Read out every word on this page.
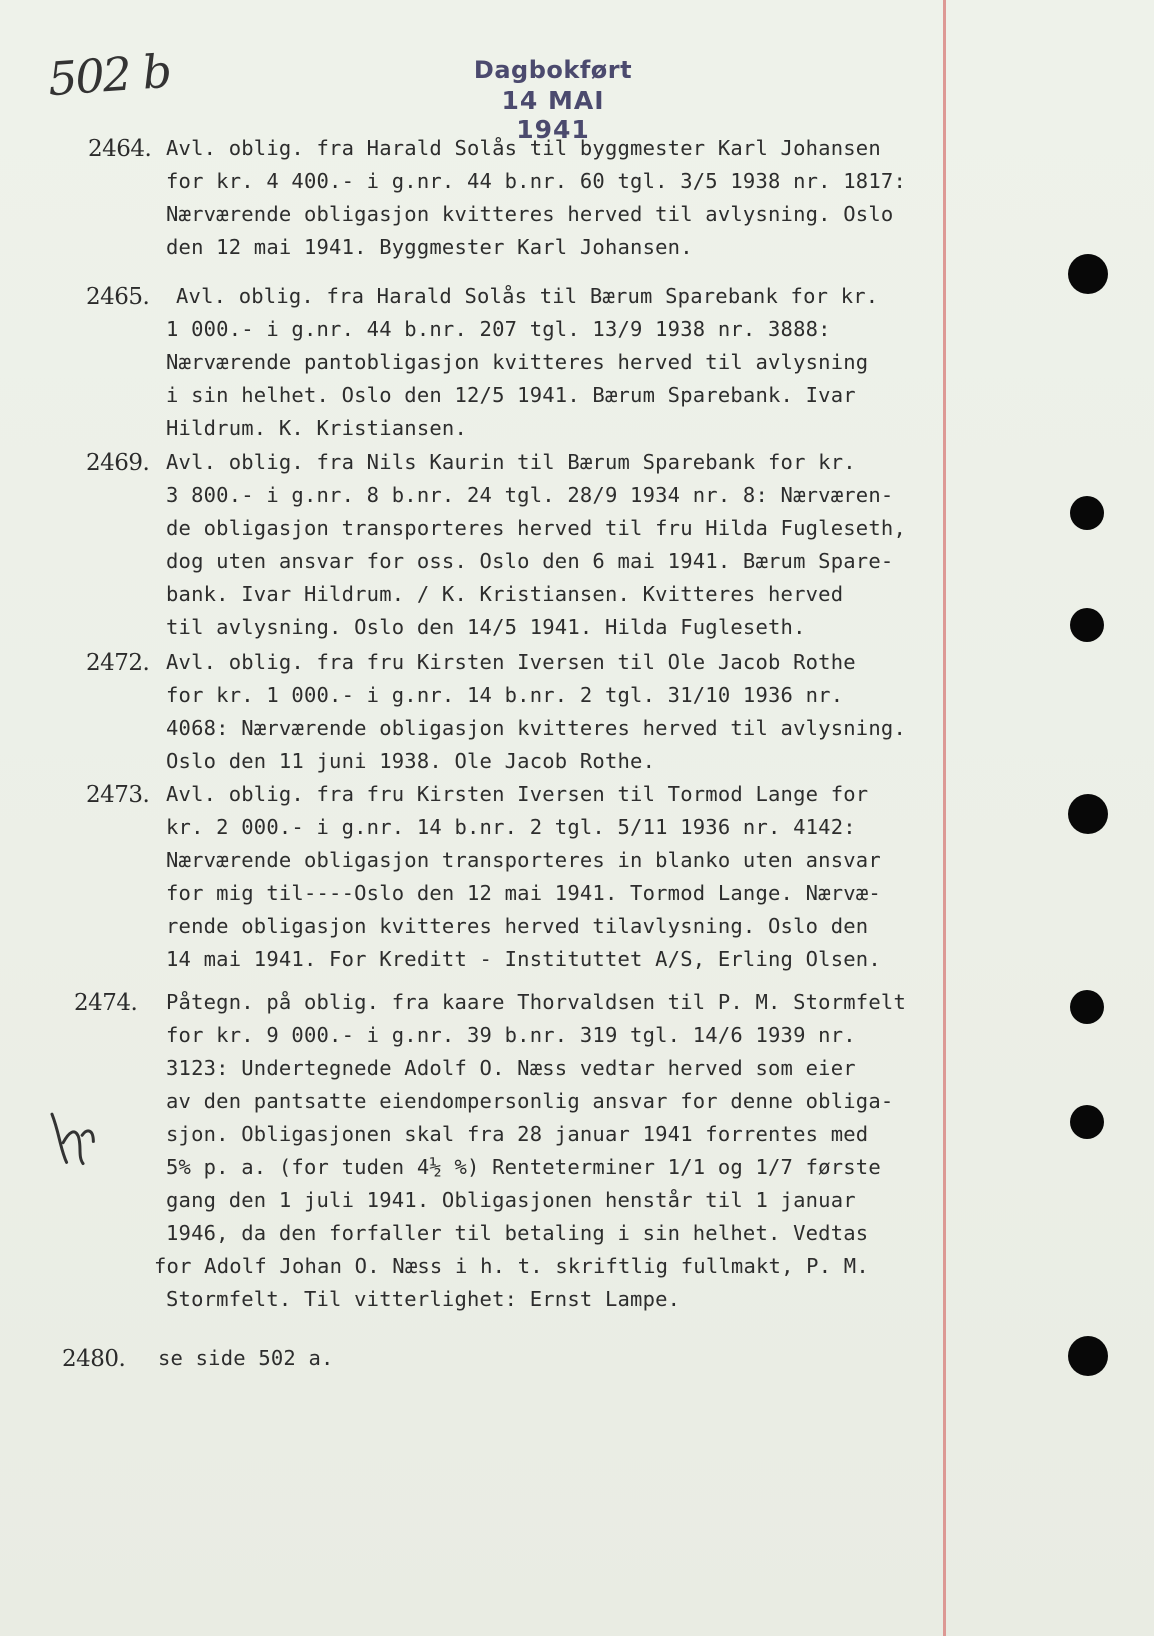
502 b	Dagbokført
14 MAI 1941
2464. Avl. oblig. fra Harald Solås til byggmester Karl Johansen
for kr. 4 400.- i g.nr. 44 b.nr. 60 tgl. 3/5 1938 nr. 1817:
Nærværende obligasjon kvitteres herved til avlysning. Oslo
den 12 mai 1941. Byggmester Karl Johansen.
2465. Avl. oblig. fra Harald Solås til Bærum Sparebank for kr.
1 000.- i g.nr. 44 b.nr. 207 tgl. 13/9 1938 nr. 3888:
Nærværende pantobligasjon kvitteres herved til avlysning
i sin helhet. Oslo den 12/5 1941. Bærum Sparebank. Ivar
Hildrum. K. Kristiansen.
2469. Avl. oblig. fra Nils Kaurin til Bærum Sparebank for kr.
3 800.- i g.nr. 8 b.nr. 24 tgl. 28/9 1934 nr. 8: Nærværen-
de obligasjon transporteres herved til fru Hilda Fugleseth,
dog uten ansvar for oss. Oslo den 6 mai 1941. Bærum Spare-
bank. Ivar Hildrum. / K. Kristiansen. Kvitteres herved
til avlysning. Oslo den 14/5 1941. Hilda Fugleseth.
2472. Avl. oblig. fra fru Kirsten Iversen til Ole Jacob Rothe
for kr. 1 000.- i g.nr. 14 b.nr. 2 tgl. 31/10 1936 nr.
4068: Nærværende obligasjon kvitteres herved til avlysning.
Oslo den 11 juni 1938. Ole Jacob Rothe.
2473. Avl. oblig. fra fru Kirsten Iversen til Tormod Lange for
kr. 2 000.- i g.nr. 14 b.nr. 2 tgl. 5/11 1936 nr. 4142:
Nærværende obligasjon transporteres in blanko uten ansvar
for mig til----Oslo den 12 mai 1941. Tormod Lange. Nærvæ-
rende obligasjon kvitteres herved tilavlysning. Oslo den
14 mai 1941. For Kreditt - Instituttet A/S, Erling Olsen.
2474. Påtegn. på oblig. fra kaare Thorvaldsen til P. M. Stormfelt
for kr. 9 000.- i g.nr. 39 b.nr. 319 tgl. 14/6 1939 nr.
3123: Undertegnede Adolf O. Næss vedtar herved som eier
av den pantsatte eiendompersonlig ansvar for denne obliga-
sjon. Obligasjonen skal fra 28 januar 1941 forrentes med
5% p. a. (for tuden 4½ %) Renteterminer 1/1 og 1/7 første
gang den 1 juli 1941. Obligasjonen henstår til 1 januar
1946, da den forfaller til betaling i sin helhet. Vedtas
for Adolf Johan O. Næss i h. t. skriftlig fullmakt, P. M.
Stormfelt. Til vitterlighet: Ernst Lampe.
2480. se side 502 a.
